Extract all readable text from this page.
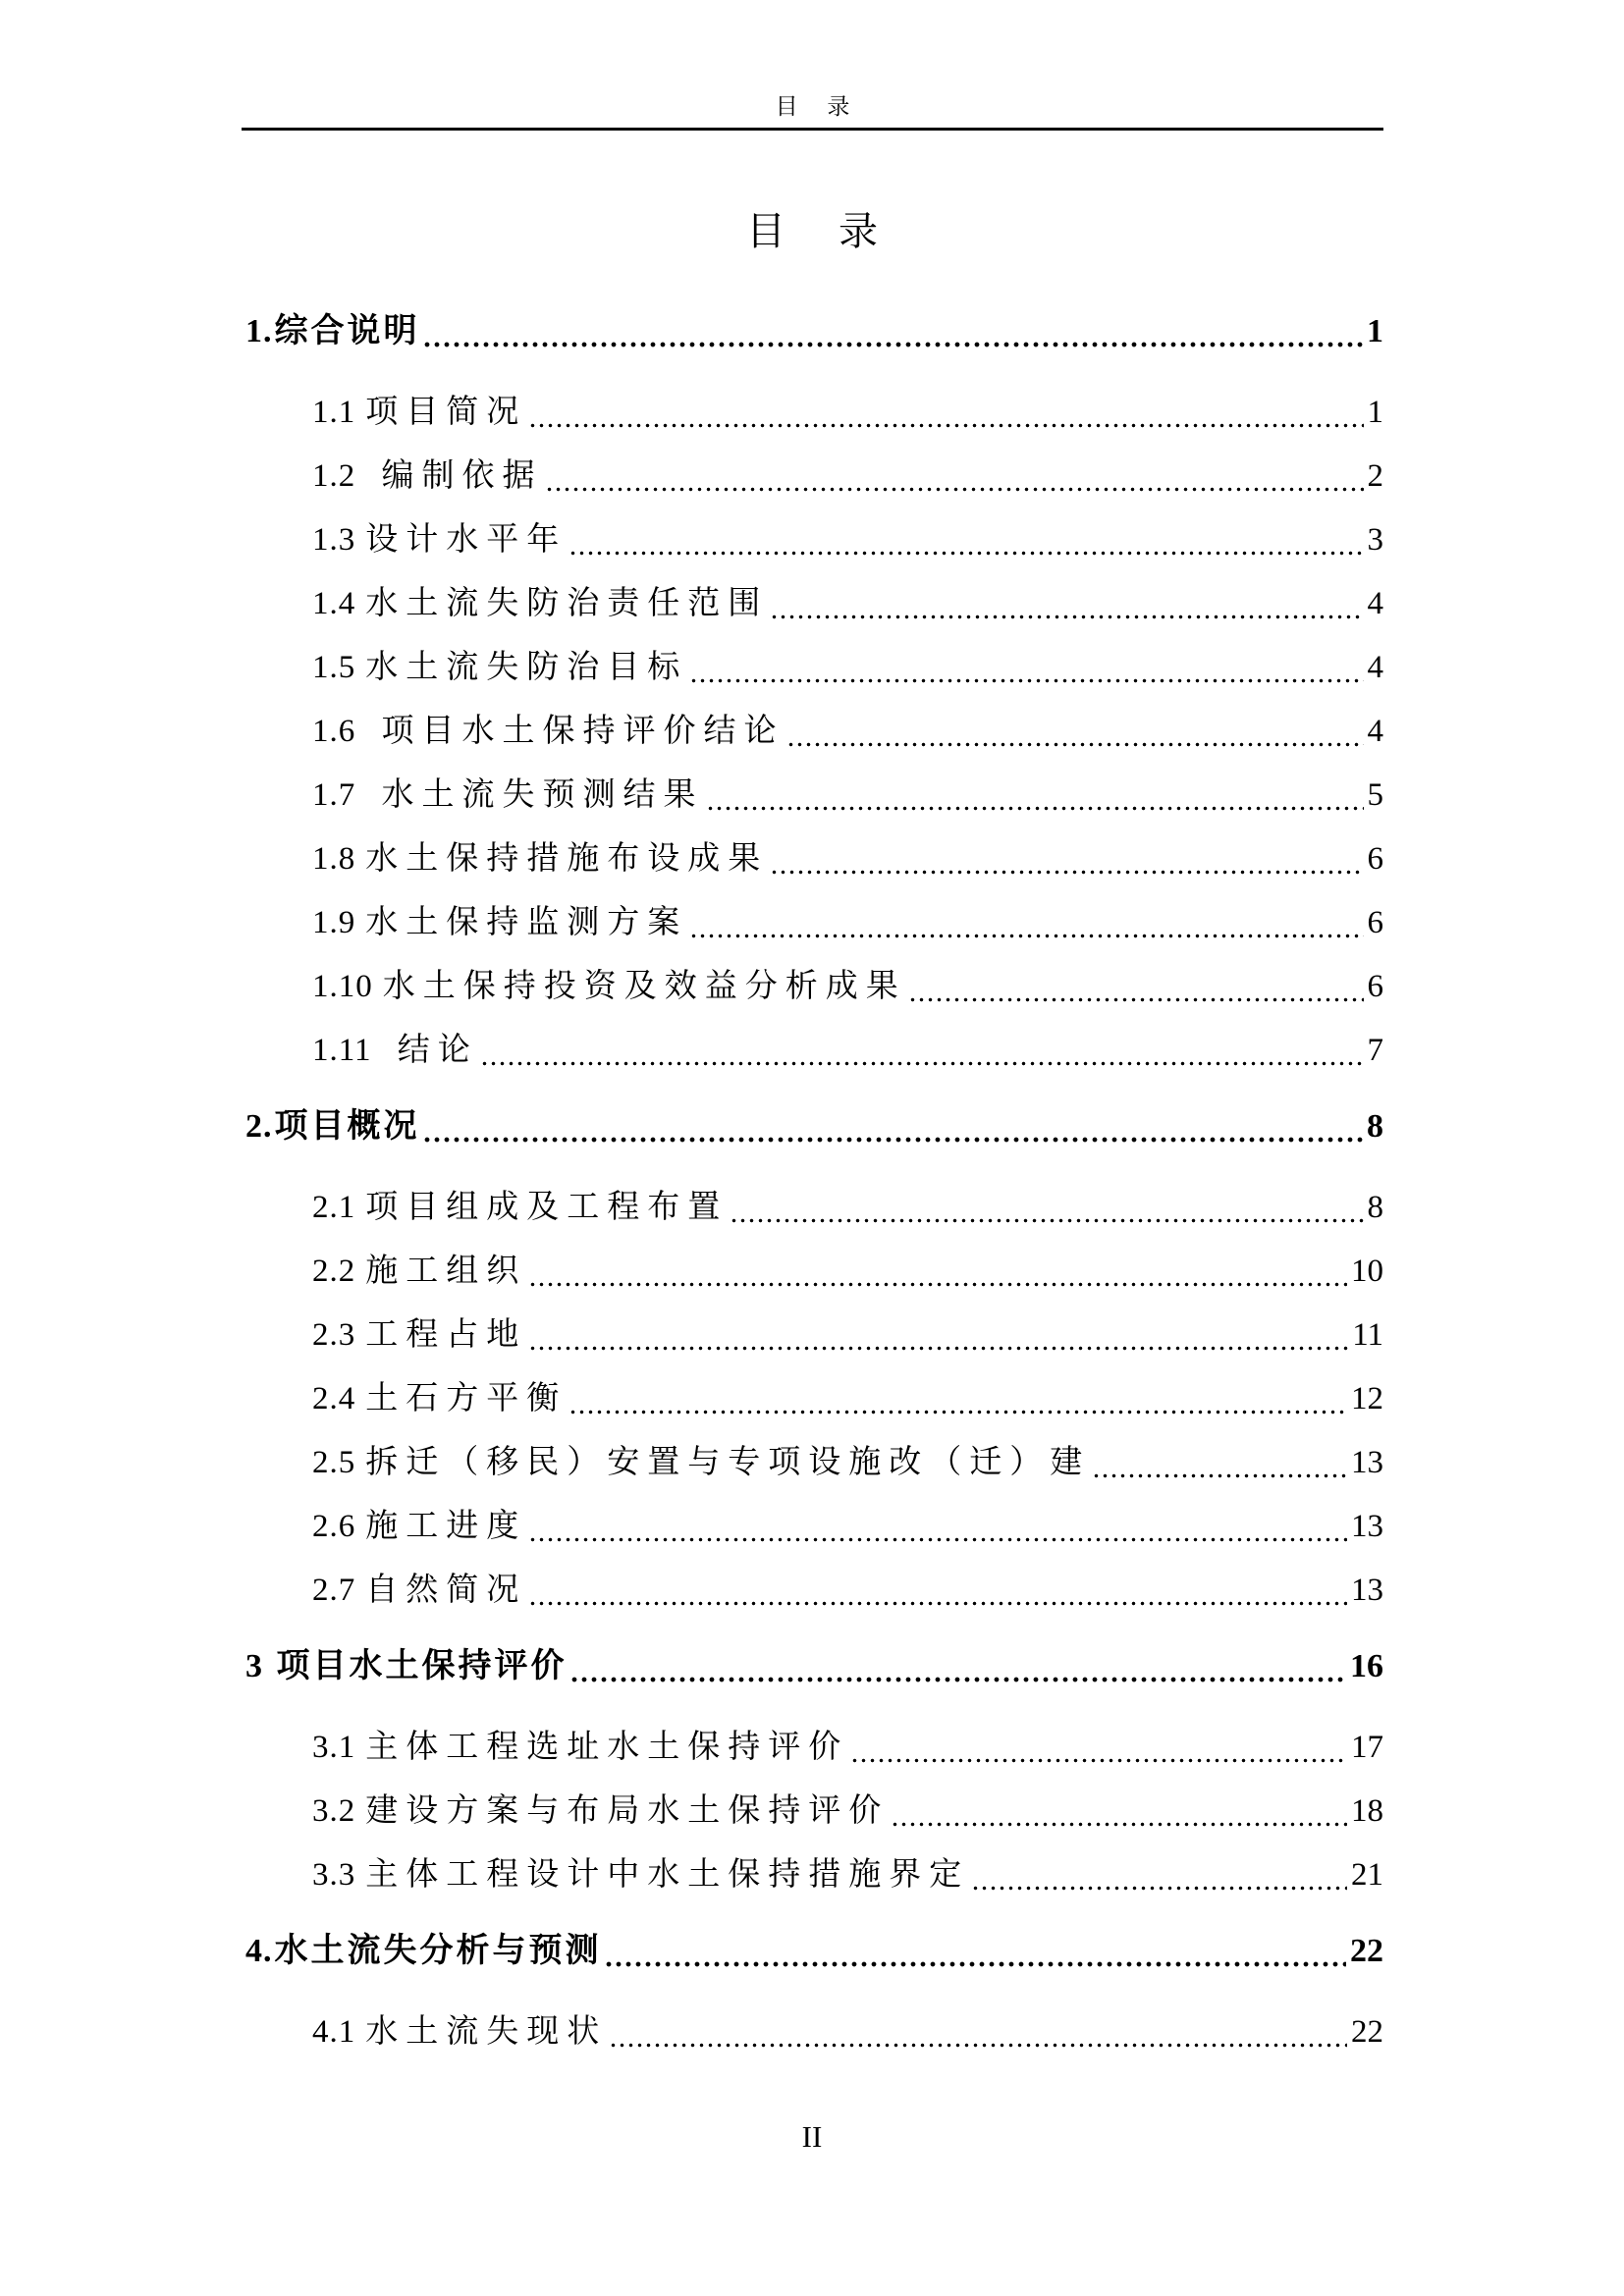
目 录
目 录
1. 综合说明	1
1.1 项目简况	1
1.2 编制依据	2
1.3 设计水平年	3
1.4 水土流失防治责任范围	4
1.5 水土流失防治目标	4
1.6 项目水土保持评价结论	4
1.7 水土流失预测结果	5
1.8 水土保持措施布设成果	6
1.9 水土保持监测方案	6
1.10 水土保持投资及效益分析成果	6
1.11 结论	7
2. 项目概况	8
2.1 项目组成及工程布置	8
2.2 施工组织	10
2.3 工程占地	11
2.4 土石方平衡	12
2.5 拆迁（移民）安置与专项设施改（迁）建	13
2.6 施工进度	13
2.7 自然简况	13
3 项目水土保持评价	16
3.1 主体工程选址水土保持评价	17
3.2 建设方案与布局水土保持评价	18
3.3 主体工程设计中水土保持措施界定	21
4. 水土流失分析与预测	22
4.1 水土流失现状	22
II
